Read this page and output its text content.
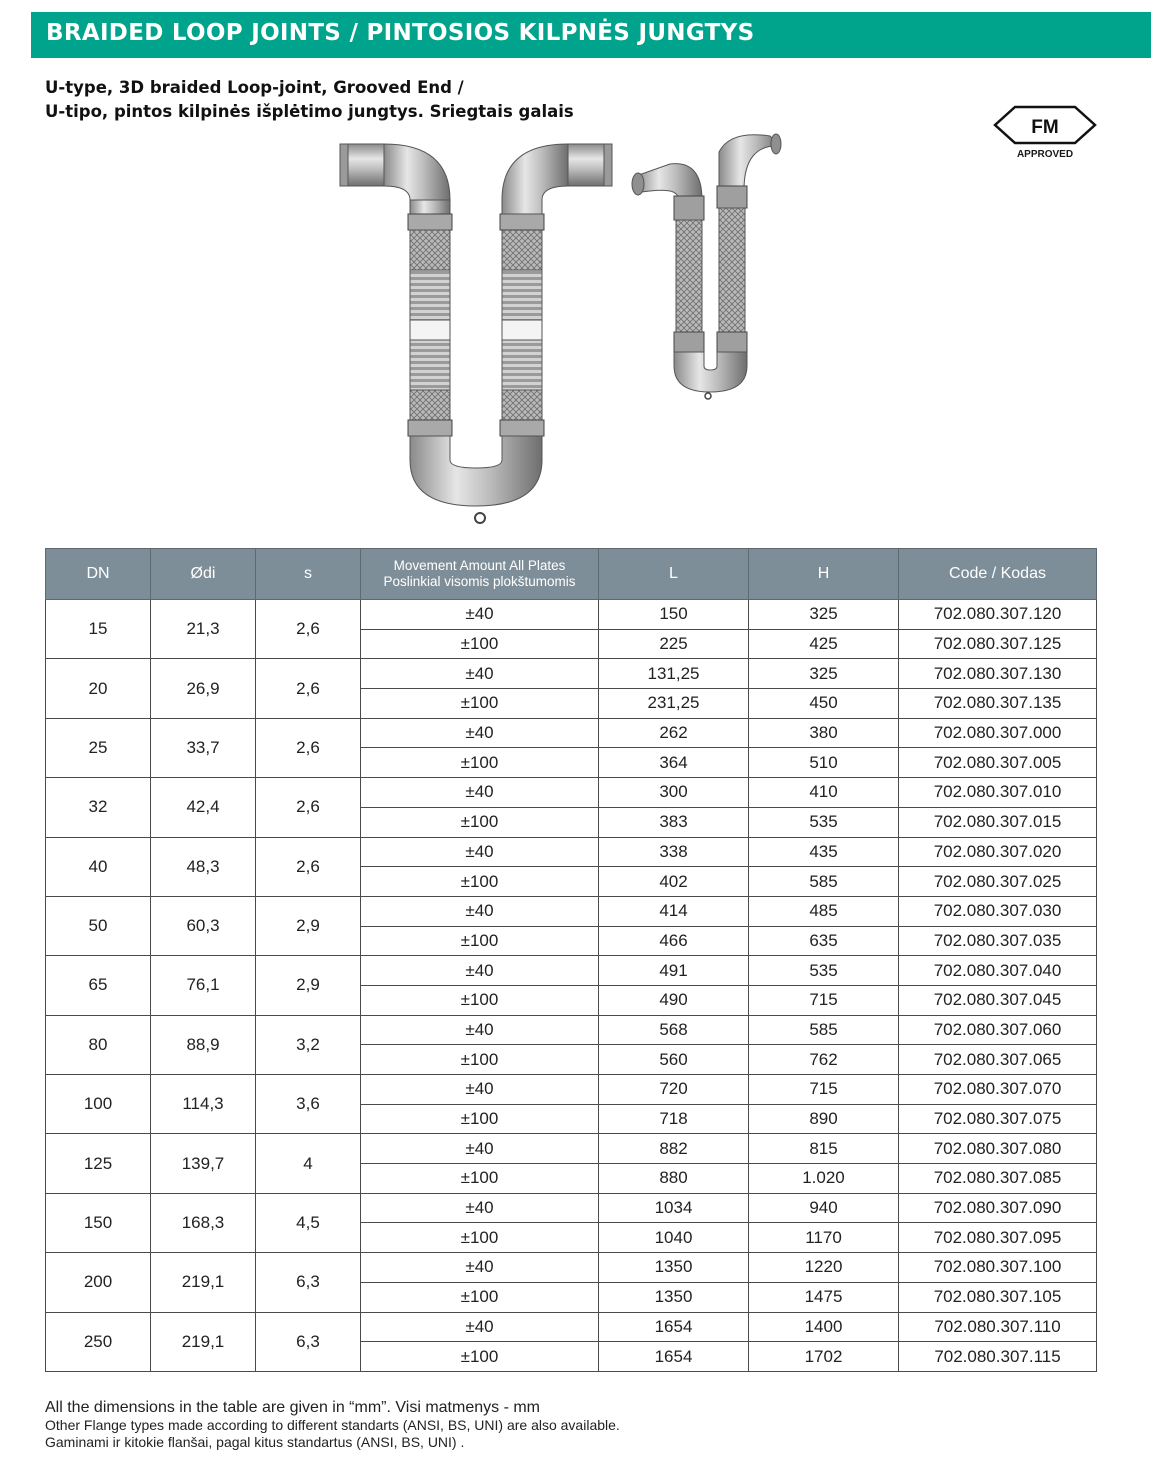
BRAIDED LOOP JOINTS / PINTOSIOS KILPNĖS JUNGTYS
U-type, 3D braided Loop-joint, Grooved End /
U-tipo, pintos kilpinės išplėtimo jungtys. Sriegtais galais
FM
APPROVED
DN	Ødi	s	Movement Amount All Plates
Poslinkial visomis plokštumomis	L	H	Code / Kodas
15	21,3	2,6	±40	150	325	702.080.307.120
			±100	225	425	702.080.307.125
20	26,9	2,6	±40	131,25	325	702.080.307.130
			±100	231,25	450	702.080.307.135
25	33,7	2,6	±40	262	380	702.080.307.000
			±100	364	510	702.080.307.005
32	42,4	2,6	±40	300	410	702.080.307.010
			±100	383	535	702.080.307.015
40	48,3	2,6	±40	338	435	702.080.307.020
			±100	402	585	702.080.307.025
50	60,3	2,9	±40	414	485	702.080.307.030
			±100	466	635	702.080.307.035
65	76,1	2,9	±40	491	535	702.080.307.040
			±100	490	715	702.080.307.045
80	88,9	3,2	±40	568	585	702.080.307.060
			±100	560	762	702.080.307.065
100	114,3	3,6	±40	720	715	702.080.307.070
			±100	718	890	702.080.307.075
125	139,7	4	±40	882	815	702.080.307.080
			±100	880	1.020	702.080.307.085
150	168,3	4,5	±40	1034	940	702.080.307.090
			±100	1040	1170	702.080.307.095
200	219,1	6,3	±40	1350	1220	702.080.307.100
			±100	1350	1475	702.080.307.105
250	219,1	6,3	±40	1654	1400	702.080.307.110
			±100	1654	1702	702.080.307.115
All the dimensions in the table are given in “mm”. Visi matmenys - mm
Other Flange types made according to different standarts (ANSI, BS, UNI) are also available.
Gaminami ir kitokie flanšai, pagal kitus standartus (ANSI, BS, UNI) .
